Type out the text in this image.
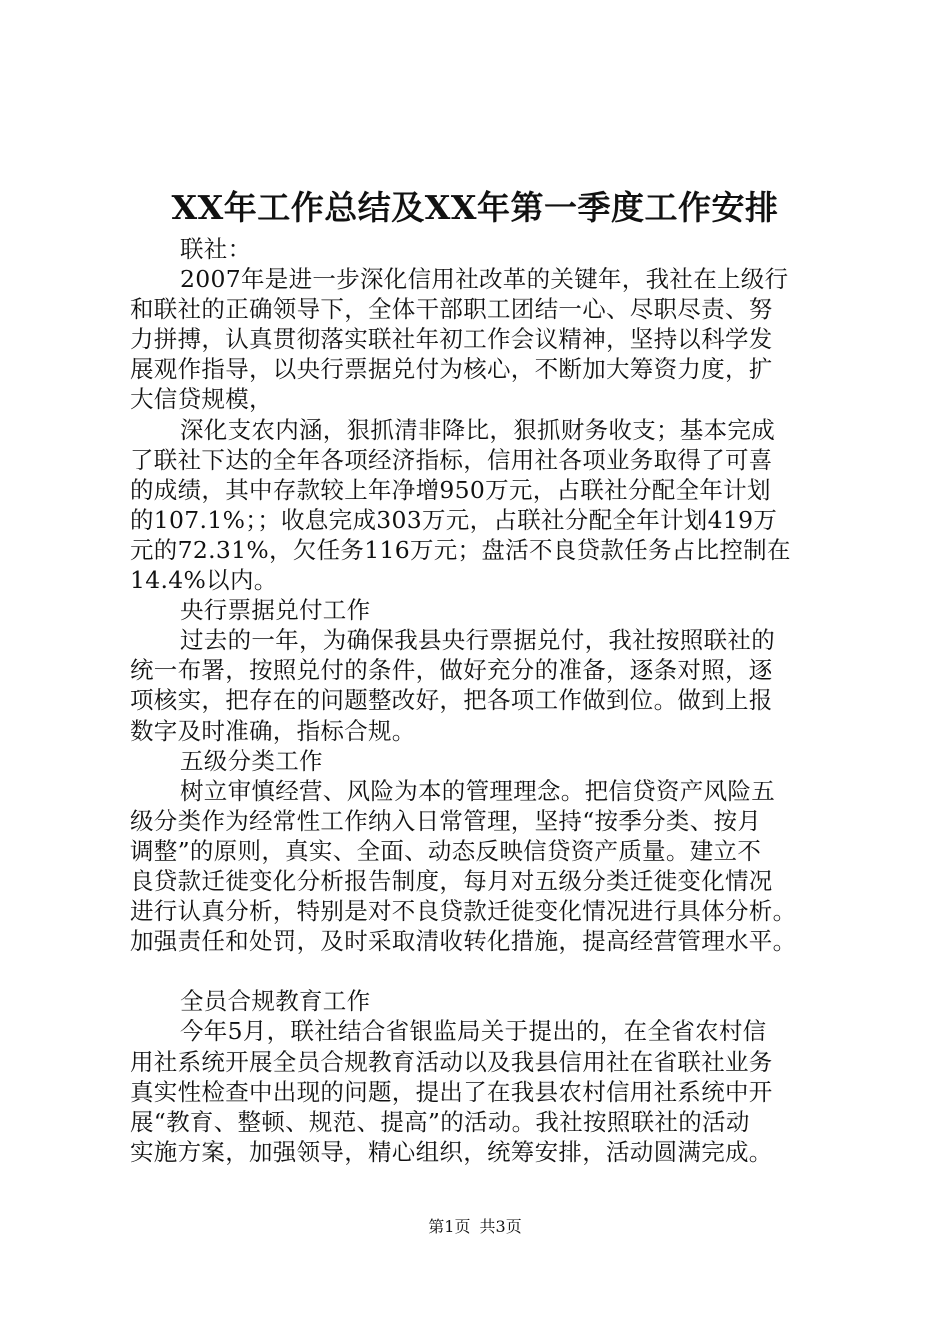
XX年工作总结及XX年第一季度工作安排
联社：
2007年是进一步深化信用社改革的关键年，我社在上级行
和联社的正确领导下，全体干部职工团结一心、尽职尽责、努
力拼搏，认真贯彻落实联社年初工作会议精神，坚持以科学发
展观作指导，以央行票据兑付为核心，不断加大筹资力度，扩
大信贷规模，
深化支农内涵，狠抓清非降比，狠抓财务收支；基本完成
了联社下达的全年各项经济指标，信用社各项业务取得了可喜
的成绩，其中存款较上年净增950万元，占联社分配全年计划
的107.1%；；收息完成303万元，占联社分配全年计划419万
元的72.31%，欠任务116万元；盘活不良贷款任务占比控制在
14.4%以内。
央行票据兑付工作
过去的一年，为确保我县央行票据兑付，我社按照联社的
统一布署，按照兑付的条件，做好充分的准备，逐条对照，逐
项核实，把存在的问题整改好，把各项工作做到位。做到上报
数字及时准确，指标合规。
五级分类工作
树立审慎经营、风险为本的管理理念。把信贷资产风险五
级分类作为经常性工作纳入日常管理，坚持“按季分类、按月
调整”的原则，真实、全面、动态反映信贷资产质量。建立不
良贷款迁徙变化分析报告制度，每月对五级分类迁徙变化情况
进行认真分析，特别是对不良贷款迁徙变化情况进行具体分析。
加强责任和处罚，及时采取清收转化措施，提高经营管理水平。
全员合规教育工作
今年5月，联社结合省银监局关于提出的，在全省农村信
用社系统开展全员合规教育活动以及我县信用社在省联社业务
真实性检查中出现的问题，提出了在我县农村信用社系统中开
展“教育、整顿、规范、提高”的活动。我社按照联社的活动
实施方案，加强领导，精心组织，统筹安排，活动圆满完成。
第1页 共3页
